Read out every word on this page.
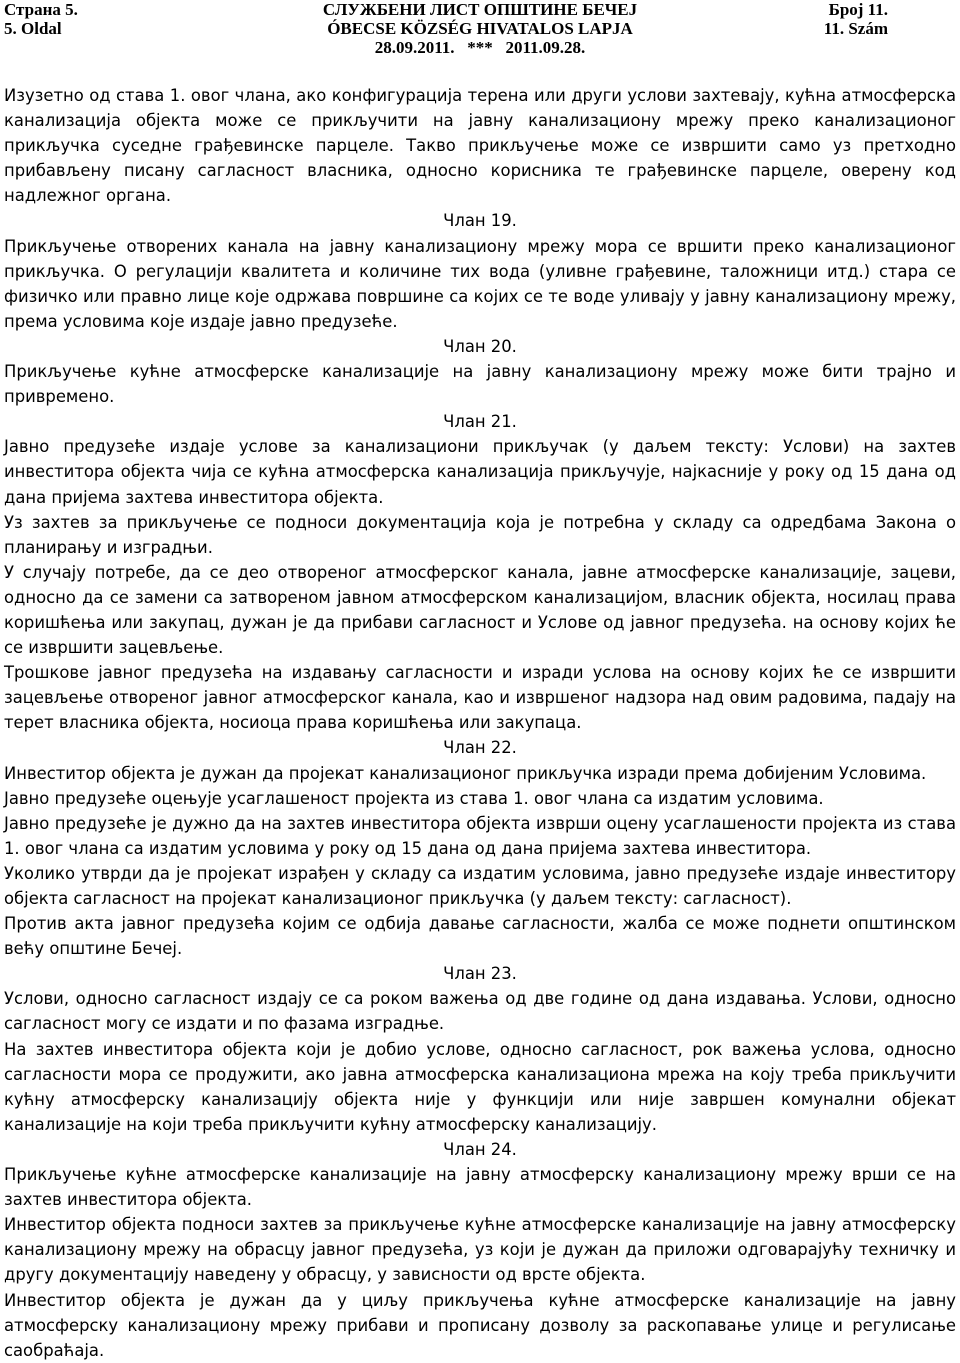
Страна 5.	СЛУЖБЕНИ ЛИСТ ОПШТИНЕ БЕЧЕЈ	Број 11.
5. Oldal	ÓBECSE KÖZSÉG HIVATALOS LAPJA	11. Szám
28.09.2011.   ***   2011.09.28.

Изузетно од става 1. овог члана, ако конфигурација терена или други услови захтевају, кућна атмосферска канализација објекта може се прикључити на јавну канализациону мрежу преко канализационог прикључка суседне грађевинске парцеле. Такво прикључење може се извршити само уз претходно прибављену писану сагласност власника, односно корисника те грађевинске парцеле, оверену код надлежног органа.

Члан 19.

Прикључење отворених канала на јавну канализациону мрежу мора се вршити преко канализационог прикључка. О регулацији квалитета и количине тих вода (уливне грађевине, таложници итд.) стара се физичко или правно лице које одржава површине са којих се те воде уливају у јавну канализациону мрежу, према условима које издаје јавно предузеће.

Члан 20.

Прикључење кућне атмосферске канализације на јавну канализациону мрежу може бити трајно и привремено.

Члан 21.

Јавно предузеће издаје услове за канализациони прикључак (у даљем тексту: Услови) на захтев инвеститора објекта чија се кућна атмосферска канализација прикључује, најкасније у року од 15 дана од дана пријема захтева инвеститора објекта.

Уз захтев за прикључење се подноси документација која је потребна у складу са одредбама Закона о планирању и изградњи.

У случају потребе, да се део отвореног атмосферског канала, јавне атмосферске канализације, зацеви, односно да се замени са затвореном јавном атмосферском канализацијом, власник објекта, носилац права коришћења или закупац, дужан је да прибави сагласност и Услове од јавног предузећа. на основу којих ће се извршити зацевљење.

Трошкове јавног предузећа на издавању сагласности и изради услова на основу којих ће се извршити зацевљење отвореног јавног атмосферског канала, као и извршеног надзора над овим радовима, падају на терет власника објекта, носиоца права коришћења или закупаца.

Члан 22.

Инвеститор објекта је дужан да пројекат канализационог прикључка изради према добијеним Условима.

Јавно предузеће оцењује усаглашеност пројекта из става 1. овог члана са издатим условима.

Јавно предузеће је дужно да на захтев инвеститора објекта изврши оцену усаглашености пројекта из става 1. овог члана са издатим условима у року од 15 дана од дана пријема захтева инвеститора.

Уколико утврди да је пројекат израђен у складу са издатим условима, јавно предузеће издаје инвеститору објекта сагласност на пројекат канализационог прикључка (у даљем тексту: сагласност).

Против акта јавног предузећа којим се одбија давање сагласности, жалба се може поднети општинском већу општине Бечеј.

Члан 23.

Услови, односно сагласност издају се са роком важења од две године од дана издавања. Услови, односно сагласност могу се издати и по фазама изградње.

На захтев инвеститора објекта који је добио услове, односно сагласност, рок важења услова, односно сагласности мора се продужити, ако јавна атмосферска канализациона мрежа на коју треба прикључити кућну атмосферску канализацију објекта није у функцији или није завршен комунални објекат канализације на који треба прикључити кућну атмосферску канализацију.

Члан 24.

Прикључење кућне атмосферске канализације на јавну атмосферску канализациону мрежу врши се на захтев инвеститора објекта.

Инвеститор објекта подноси захтев за прикључење кућне атмосферске канализације на јавну атмосферску канализациону мрежу на обрасцу јавног предузећа, уз који је дужан да приложи одговарајућу техничку и другу документацију наведену у обрасцу, у зависности од врсте објекта.

Инвеститор објекта је дужан да у циљу прикључења кућне атмосферске канализације на јавну атмосферску канализациону мрежу прибави и прописану дозволу за раскопавање улице и регулисање саобраћаја.
